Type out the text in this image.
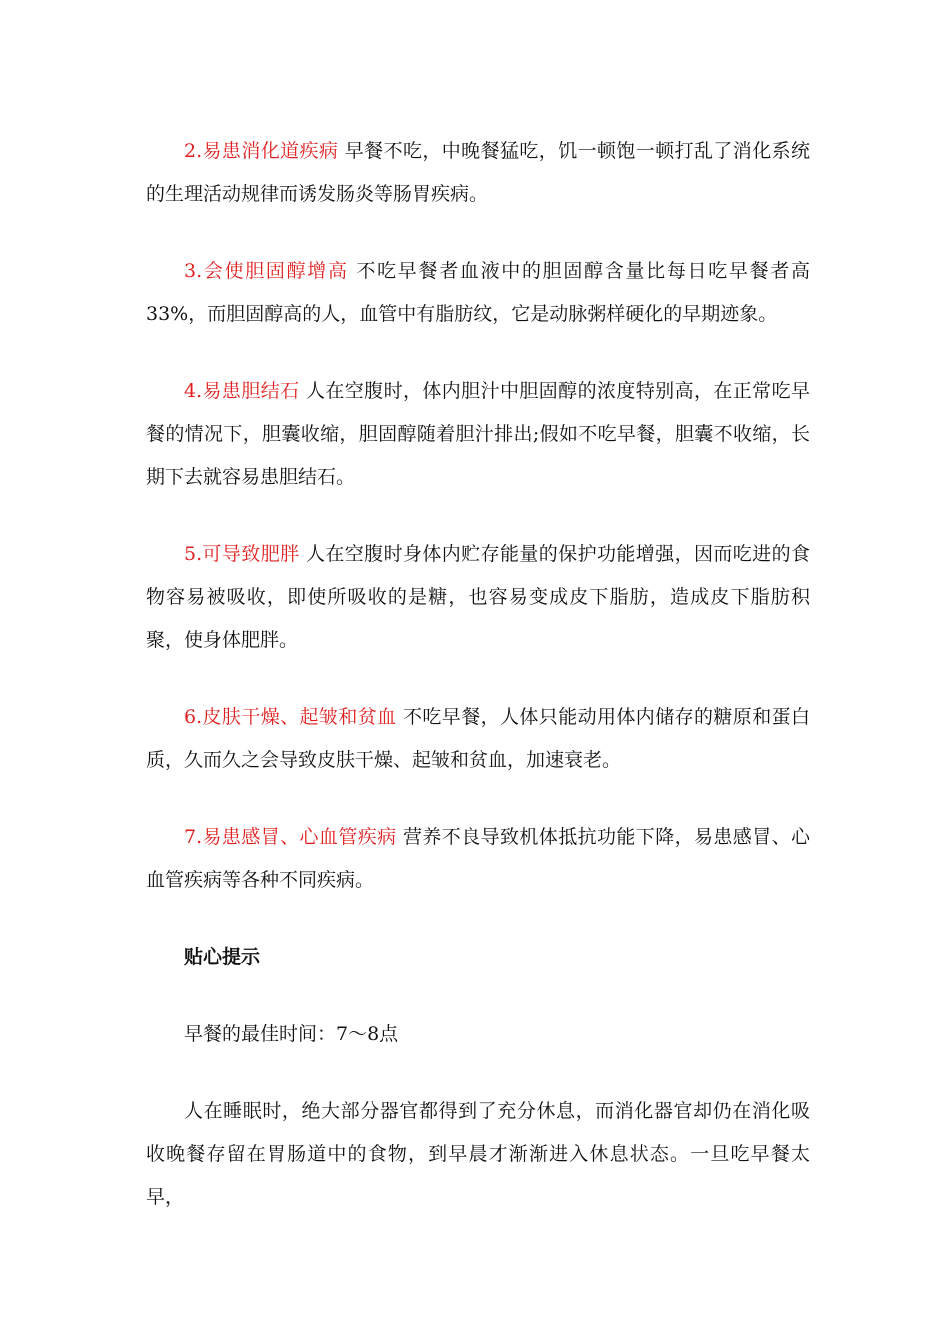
2.易患消化道疾病 早餐不吃，中晚餐猛吃，饥一顿饱一顿打乱了消化系统的生理活动规律而诱发肠炎等肠胃疾病。

3.会使胆固醇增高 不吃早餐者血液中的胆固醇含量比每日吃早餐者高33%，而胆固醇高的人，血管中有脂肪纹，它是动脉粥样硬化的早期迹象。

4.易患胆结石 人在空腹时，体内胆汁中胆固醇的浓度特别高，在正常吃早餐的情况下，胆囊收缩，胆固醇随着胆汁排出;假如不吃早餐，胆囊不收缩，长期下去就容易患胆结石。

5.可导致肥胖 人在空腹时身体内贮存能量的保护功能增强，因而吃进的食物容易被吸收，即使所吸收的是糖，也容易变成皮下脂肪，造成皮下脂肪积聚，使身体肥胖。

6.皮肤干燥、起皱和贫血 不吃早餐，人体只能动用体内储存的糖原和蛋白质，久而久之会导致皮肤干燥、起皱和贫血，加速衰老。

7.易患感冒、心血管疾病 营养不良导致机体抵抗功能下降，易患感冒、心血管疾病等各种不同疾病。

贴心提示

早餐的最佳时间：7～8点

人在睡眠时，绝大部分器官都得到了充分休息，而消化器官却仍在消化吸收晚餐存留在胃肠道中的食物，到早晨才渐渐进入休息状态。一旦吃早餐太早，
